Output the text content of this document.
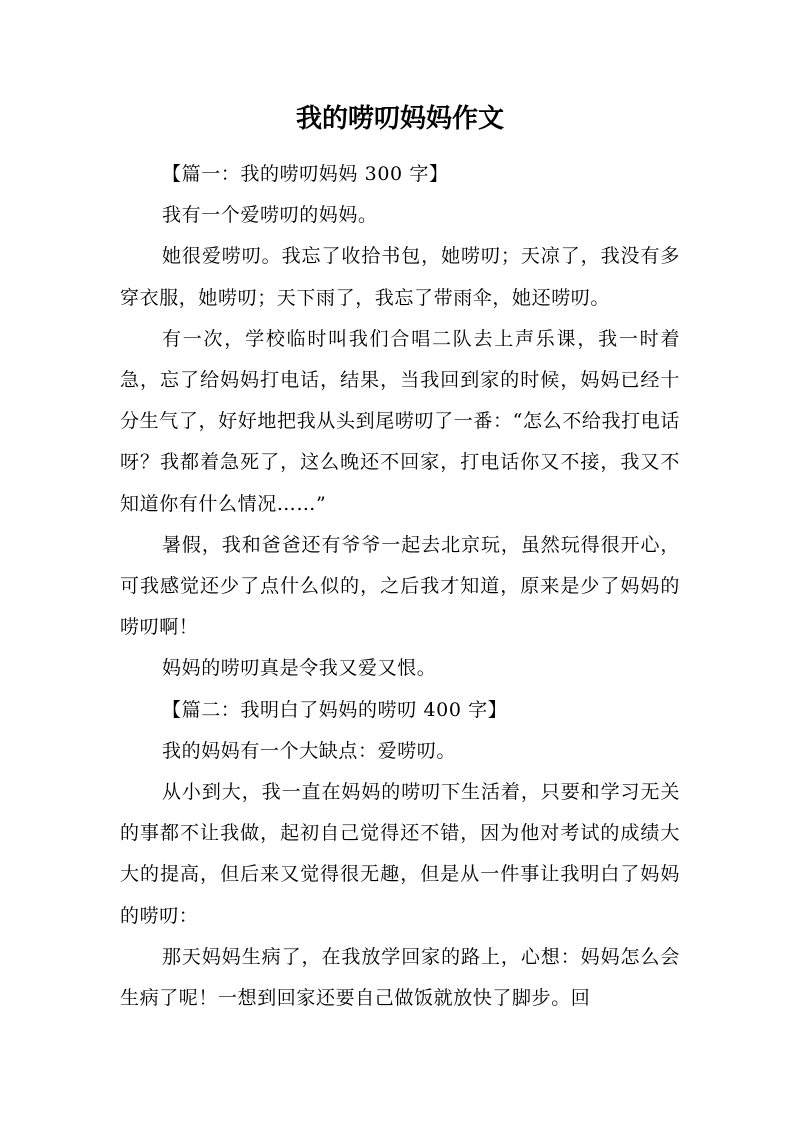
我的唠叨妈妈作文

【篇一：我的唠叨妈妈 300 字】

我有一个爱唠叨的妈妈。

她很爱唠叨。我忘了收拾书包，她唠叨；天凉了，我没有多穿衣服，她唠叨；天下雨了，我忘了带雨伞，她还唠叨。

有一次，学校临时叫我们合唱二队去上声乐课，我一时着急，忘了给妈妈打电话，结果，当我回到家的时候，妈妈已经十分生气了，好好地把我从头到尾唠叨了一番：“怎么不给我打电话呀？我都着急死了，这么晚还不回家，打电话你又不接，我又不知道你有什么情况……”

暑假，我和爸爸还有爷爷一起去北京玩，虽然玩得很开心，可我感觉还少了点什么似的，之后我才知道，原来是少了妈妈的唠叨啊！

妈妈的唠叨真是令我又爱又恨。

【篇二：我明白了妈妈的唠叨 400 字】

我的妈妈有一个大缺点：爱唠叨。

从小到大，我一直在妈妈的唠叨下生活着，只要和学习无关的事都不让我做，起初自己觉得还不错，因为他对考试的成绩大大的提高，但后来又觉得很无趣，但是从一件事让我明白了妈妈的唠叨：

那天妈妈生病了，在我放学回家的路上，心想：妈妈怎么会生病了呢！一想到回家还要自己做饭就放快了脚步。回
